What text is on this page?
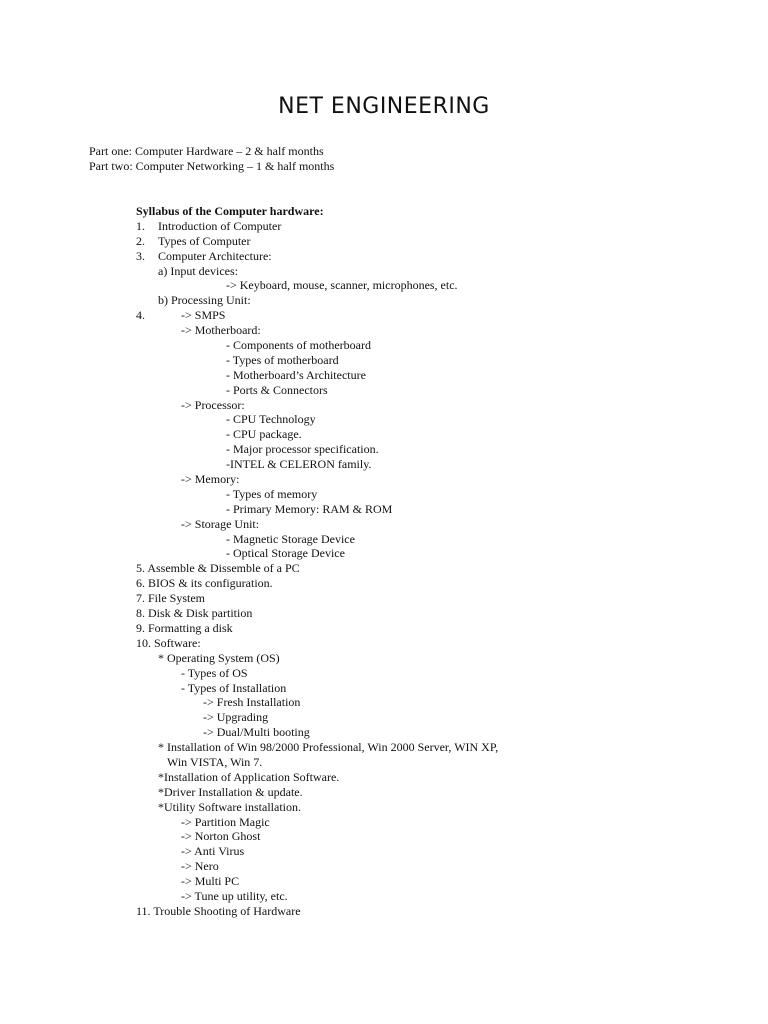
NET ENGINEERING
Part one: Computer Hardware – 2 & half months
Part two: Computer Networking – 1 & half months
Syllabus of the Computer hardware:
1. Introduction of Computer
2. Types of Computer
3. Computer Architecture:
a) Input devices:
-> Keyboard, mouse, scanner, microphones, etc.
b) Processing Unit:
4.	-> SMPS
-> Motherboard:
- Components of motherboard
- Types of motherboard
- Motherboard’s Architecture
- Ports & Connectors
-> Processor:
- CPU Technology
- CPU package.
- Major processor specification.
-INTEL & CELERON family.
-> Memory:
- Types of memory
- Primary Memory: RAM & ROM
-> Storage Unit:
- Magnetic Storage Device
- Optical Storage Device
5. Assemble & Dissemble of a PC
6. BIOS & its configuration.
7. File System
8. Disk & Disk partition
9. Formatting a disk
10. Software:
* Operating System (OS)
- Types of OS
- Types of Installation
-> Fresh Installation
-> Upgrading
-> Dual/Multi booting
* Installation of Win 98/2000 Professional, Win 2000 Server, WIN XP,
Win VISTA, Win 7.
*Installation of Application Software.
*Driver Installation & update.
*Utility Software installation.
-> Partition Magic
-> Norton Ghost
-> Anti Virus
-> Nero
-> Multi PC
-> Tune up utility, etc.
11. Trouble Shooting of Hardware
